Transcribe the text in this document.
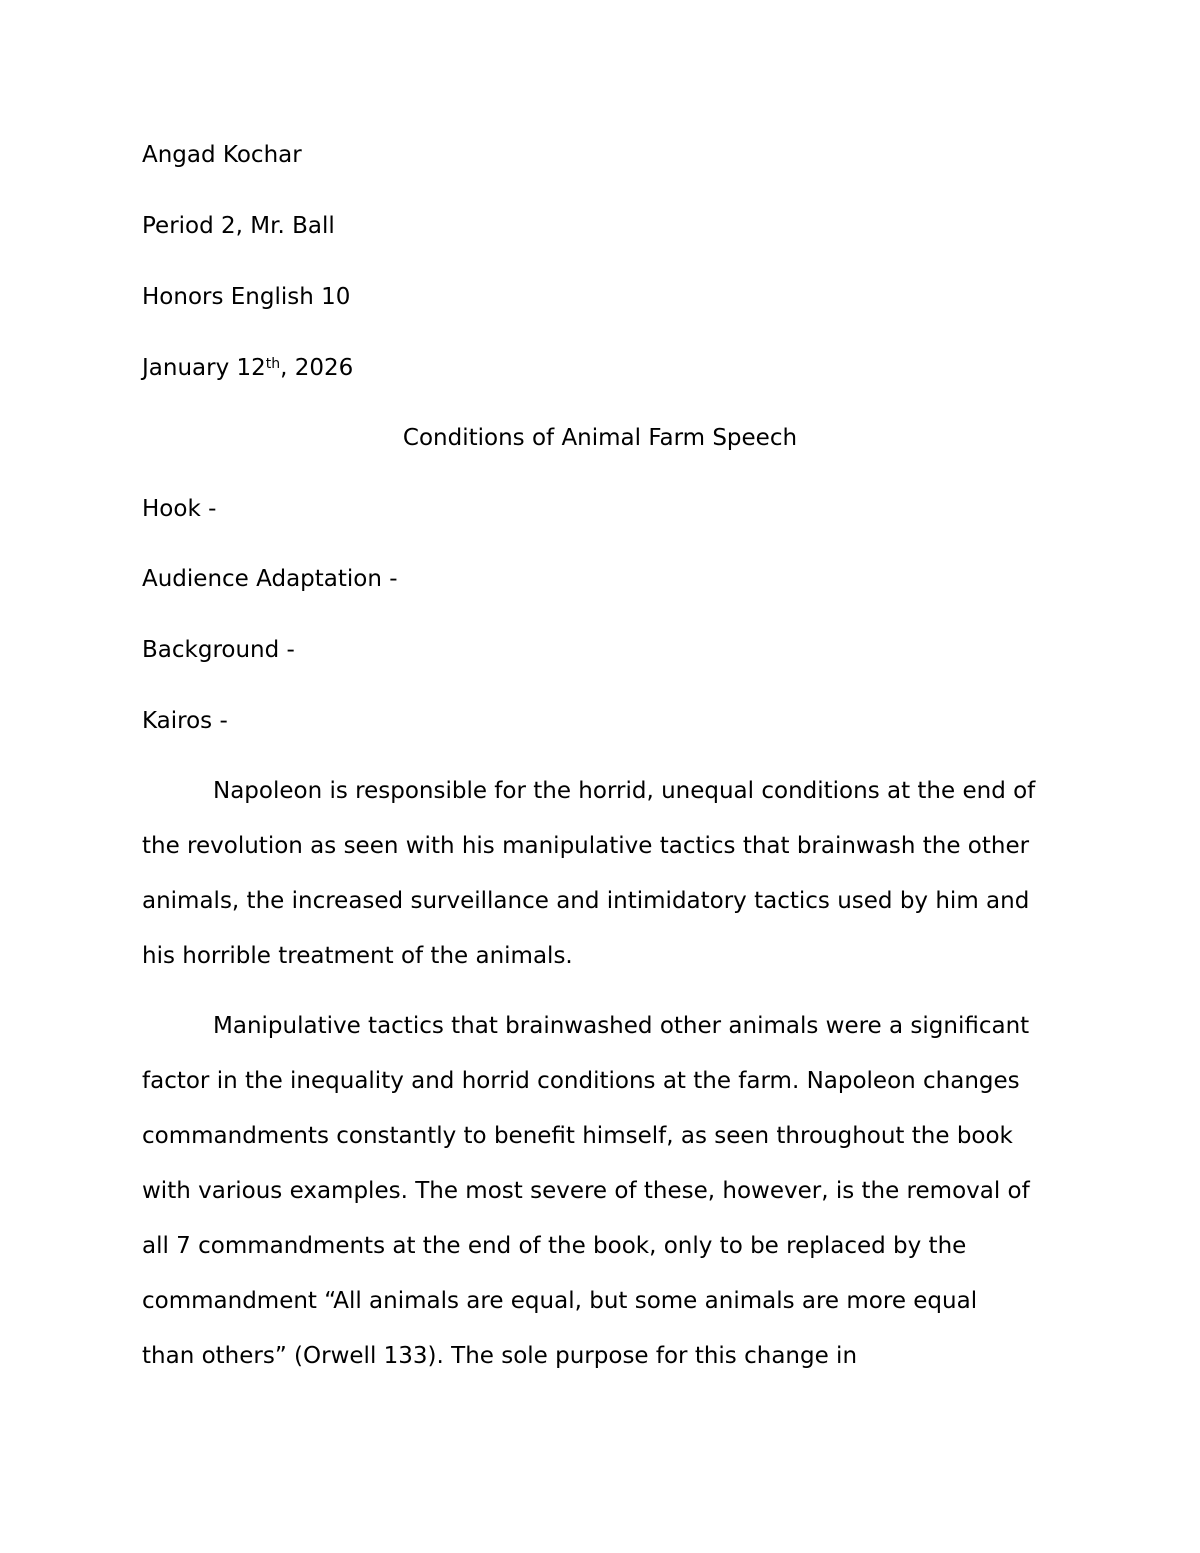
Angad Kochar
Period 2, Mr. Ball
Honors English 10
January 12th, 2026
Conditions of Animal Farm Speech
Hook -
Audience Adaptation -
Background -
Kairos -
Napoleon is responsible for the horrid, unequal conditions at the end of
the revolution as seen with his manipulative tactics that brainwash the other
animals, the increased surveillance and intimidatory tactics used by him and
his horrible treatment of the animals.
Manipulative tactics that brainwashed other animals were a significant
factor in the inequality and horrid conditions at the farm. Napoleon changes
commandments constantly to benefit himself, as seen throughout the book
with various examples. The most severe of these, however, is the removal of
all 7 commandments at the end of the book, only to be replaced by the
commandment “All animals are equal, but some animals are more equal
than others” (Orwell 133). The sole purpose for this change in
